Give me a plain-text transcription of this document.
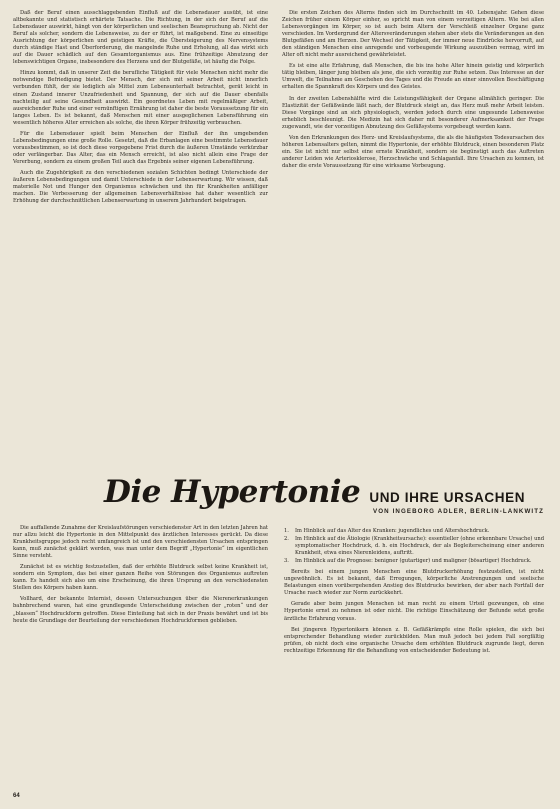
Daß der Beruf einen ausschlaggebenden Einfluß auf die Lebensdauer ausübt, ist eine altbekannte und statistisch erhärtete Tatsache. Die Richtung, in der sich der Beruf auf die Lebensdauer auswirkt, hängt von der körperlichen und seelischen Beanspruchung ab. Nicht der Beruf als solcher, sondern die Lebensweise, zu der er führt, ist maßgebend. Eine zu einseitige Ausrichtung der körperlichen und geistigen Kräfte, die Übersteigerung des Nervensystems durch ständige Hast und Überforderung, die mangelnde Ruhe und Erholung, all das wirkt sich auf die Dauer schädlich auf den Gesamtorganismus aus. Eine frühzeitige Abnutzung der lebenswichtigen Organe, insbesondere des Herzens und der Blutgefäße, ist häufig die Folge.

Hinzu kommt, daß in unserer Zeit die berufliche Tätigkeit für viele Menschen nicht mehr die notwendige Befriedigung bietet. Der Mensch, der sich mit seiner Arbeit nicht innerlich verbunden fühlt, der sie lediglich als Mittel zum Lebensunterhalt betrachtet, gerät leicht in einen Zustand innerer Unzufriedenheit und Spannung, der sich auf die Dauer ebenfalls nachteilig auf seine Gesundheit auswirkt. Ein geordnetes Leben mit regelmäßiger Arbeit, ausreichender Ruhe und einer vernünftigen Ernährung ist daher die beste Voraussetzung für ein langes Leben. Es ist bekannt, daß Menschen mit einer ausgeglichenen Lebensführung ein wesentlich höheres Alter erreichen als solche, die ihren Körper frühzeitig verbrauchen.

Für die Lebensdauer spielt beim Menschen der Einfluß der ihn umgebenden Lebensbedingungen eine große Rolle. Gesetzt, daß die Erbanlagen eine bestimmte Lebensdauer vorausbestimmen, so ist doch diese vorgegebene Frist durch die äußeren Umstände verkürzbar oder verlängerbar. Das Alter, das ein Mensch erreicht, ist also nicht allein eine Frage der Vererbung, sondern zu einem großen Teil auch das Ergebnis seiner eigenen Lebensführung.

Auch die Zugehörigkeit zu den verschiedenen sozialen Schichten bedingt Unterschiede der äußeren Lebensbedingungen und damit Unterschiede in der Lebenserwartung. Wir wissen, daß materielle Not und Hunger den Organismus schwächen und ihn für Krankheiten anfälliger machen. Die Verbesserung der allgemeinen Lebensverhältnisse hat daher wesentlich zur Erhöhung der durchschnittlichen Lebenserwartung in unserem Jahrhundert beigetragen.

Die ersten Zeichen des Alterns finden sich im Durchschnitt im 40. Lebensjahr. Gehen diese Zeichen früher einem Körper einher, so spricht man von einem vorzeitigen Altern. Wie bei allen Lebensvorgängen im Körper, so ist auch beim Altern der Verschleiß einzelner Organe ganz verschieden. Im Vordergrund der Altersveränderungen stehen aber stets die Veränderungen an den Blutgefäßen und am Herzen. Der Wechsel der Tätigkeit, der immer neue Eindrücke hervorruft, auf den ständigen Menschen eine anregende und vorbeugende Wirkung auszuüben vermag, wird im Alter oft nicht mehr ausreichend gewährleistet.

Es ist eine alte Erfahrung, daß Menschen, die bis ins hohe Alter hinein geistig und körperlich tätig bleiben, länger jung bleiben als jene, die sich vorzeitig zur Ruhe setzen. Das Interesse an der Umwelt, die Teilnahme am Geschehen des Tages und die Freude an einer sinnvollen Beschäftigung erhalten die Spannkraft des Körpers und des Geistes.

In der zweiten Lebenshälfte wird die Leistungsfähigkeit der Organe allmählich geringer. Die Elastizität der Gefäßwände läßt nach, der Blutdruck steigt an, das Herz muß mehr Arbeit leisten. Diese Vorgänge sind an sich physiologisch, werden jedoch durch eine ungesunde Lebensweise erheblich beschleunigt. Die Medizin hat sich daher mit besonderer Aufmerksamkeit der Frage zugewandt, wie der vorzeitigen Abnutzung des Gefäßsystems vorgebeugt werden kann.

Von den Erkrankungen des Herz- und Kreislaufsystems, die als die häufigsten Todesursachen des höheren Lebensalters gelten, nimmt die Hypertonie, der erhöhte Blutdruck, einen besonderen Platz ein. Sie ist nicht nur selbst eine ernste Krankheit, sondern sie begünstigt auch das Auftreten anderer Leiden wie Arteriosklerose, Herzschwäche und Schlaganfall. Ihre Ursachen zu kennen, ist daher die erste Voraussetzung für eine wirksame Vorbeugung.

Die Hypertonie UND IHRE URSACHEN
VON INGEBORG ADLER, BERLIN-LANKWITZ

Die auffallende Zunahme der Kreislaufstörungen verschiedenster Art in den letzten Jahren hat nur allzu leicht die Hypertonie in den Mittelpunkt des ärztlichen Interesses gerückt. Da diese Krankheitsgruppe jedoch recht umfangreich ist und den verschiedensten Ursachen entspringen kann, muß zunächst geklärt werden, was man unter dem Begriff „Hypertonie“ im eigentlichen Sinne versteht.

Zunächst ist es wichtig festzustellen, daß der erhöhte Blutdruck selbst keine Krankheit ist, sondern ein Symptom, das bei einer ganzen Reihe von Störungen des Organismus auftreten kann. Es handelt sich also um eine Erscheinung, die ihren Ursprung an den verschiedensten Stellen des Körpers haben kann.

Vollhard, der bekannte Internist, dessen Untersuchungen über die Nierenerkrankungen bahnbrechend waren, hat eine grundlegende Unterscheidung zwischen der „roten“ und der „blassen“ Hochdruckform getroffen. Diese Einteilung hat sich in der Praxis bewährt und ist bis heute die Grundlage der Beurteilung der verschiedenen Hochdruckformen geblieben.

1. Im Hinblick auf das Alter des Kranken: jugendliches und Altershochdruck.
2. Im Hinblick auf die Ätiologie (Krankheitsursache): essentieller (ohne erkennbare Ursache) und symptomatischer Hochdruck, d. h. ein Hochdruck, der als Begleiterscheinung einer anderen Krankheit, etwa eines Nierenleidens, auftritt.
3. Im Hinblick auf die Prognose: benigner (gutartiger) und maligner (bösartiger) Hochdruck.

Bereits bei einem jungen Menschen eine Blutdruckerhöhung festzustellen, ist nicht ungewöhnlich. Es ist bekannt, daß Erregungen, körperliche Anstrengungen und seelische Belastungen einen vorübergehenden Anstieg des Blutdrucks bewirken, der aber nach Fortfall der Ursache rasch wieder zur Norm zurückkehrt.

Gerade aber beim jungen Menschen ist man recht zu einem Urteil gezwungen, ob eine Hypertonie ernst zu nehmen ist oder nicht. Die richtige Einschätzung der Befunde setzt große ärztliche Erfahrung voraus.

Bei jüngeren Hypertonikern können z. B. Gefäßkrämpfe eine Rolle spielen, die sich bei entsprechender Behandlung wieder zurückbilden. Man muß jedoch bei jedem Fall sorgfältig prüfen, ob nicht doch eine organische Ursache dem erhöhten Blutdruck zugrunde liegt, deren rechtzeitige Erkennung für die Behandlung von entscheidender Bedeutung ist.

64
